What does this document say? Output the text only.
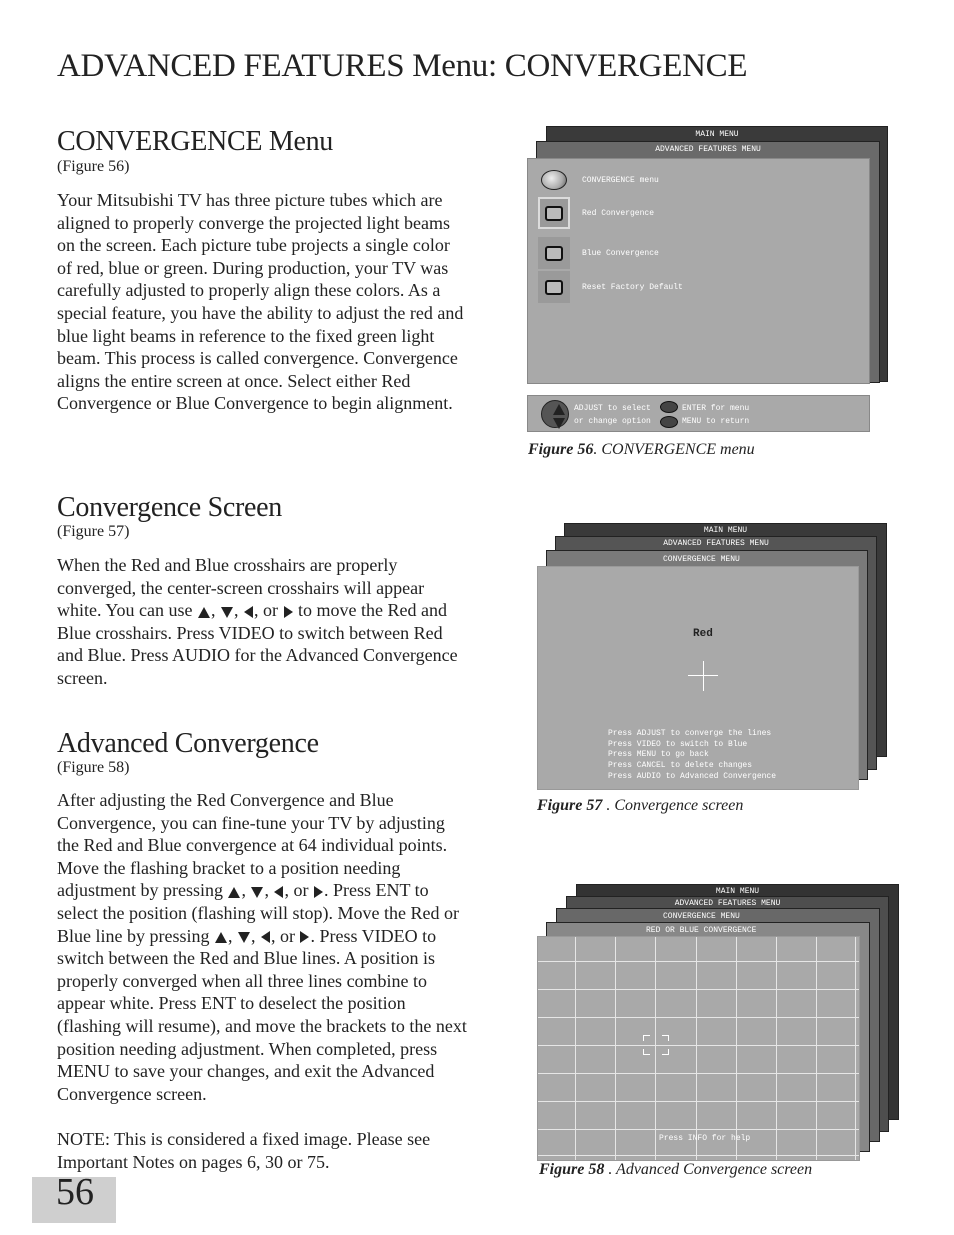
ADVANCED FEATURES Menu: CONVERGENCE
CONVERGENCE Menu
(Figure 56)

Your Mitsubishi TV has three picture tubes which are aligned to properly converge the projected light beams on the screen. Each picture tube projects a single color of red, blue or green. During production, your TV was carefully adjusted to properly align these colors. As a special feature, you have the ability to adjust the red and blue light beams in reference to the fixed green light beam. This process is called convergence. Convergence aligns the entire screen at once. Select either Red Convergence or Blue Convergence to begin alignment.

Convergence Screen
(Figure 57)

When the Red and Blue crosshairs are properly converged, the center-screen crosshairs will appear white. You can use , , , or  to move the Red and Blue crosshairs. Press VIDEO to switch between Red and Blue. Press AUDIO for the Advanced Convergence screen.

Advanced Convergence
(Figure 58)

After adjusting the Red Convergence and Blue Convergence, you can fine-tune your TV by adjusting the Red and Blue convergence at 64 individual points. Move the flashing bracket to a position needing adjustment by pressing , , , or . Press ENT to select the position (flashing will stop). Move the Red or Blue line by pressing , , , or . Press VIDEO to switch between the Red and Blue lines. A position is properly converged when all three lines combine to appear white. Press ENT to deselect the position (flashing will resume), and move the brackets to the next position needing adjustment. When completed, press MENU to save your changes, and exit the Advanced Convergence screen.

NOTE: This is considered a fixed image. Please see Important Notes on pages 6, 30 or 75.

56
MAIN MENU
ADVANCED FEATURES MENU
CONVERGENCE menu
Red Convergence
Blue Convergence
Reset Factory Default
ADJUST to select
or change option
ENTER for menu
MENU to return
Figure 56. CONVERGENCE menu
MAIN MENU
ADVANCED FEATURES MENU
CONVERGENCE MENU
Red
Press ADJUST to converge the lines
Press VIDEO to switch to Blue
Press MENU to go back
Press CANCEL to delete changes
Press AUDIO to Advanced Convergence
Figure 57 . Convergence screen
MAIN MENU
ADVANCED FEATURES MENU
CONVERGENCE MENU
RED OR BLUE CONVERGENCE
Press INFO for help
Figure 58 . Advanced Convergence screen
